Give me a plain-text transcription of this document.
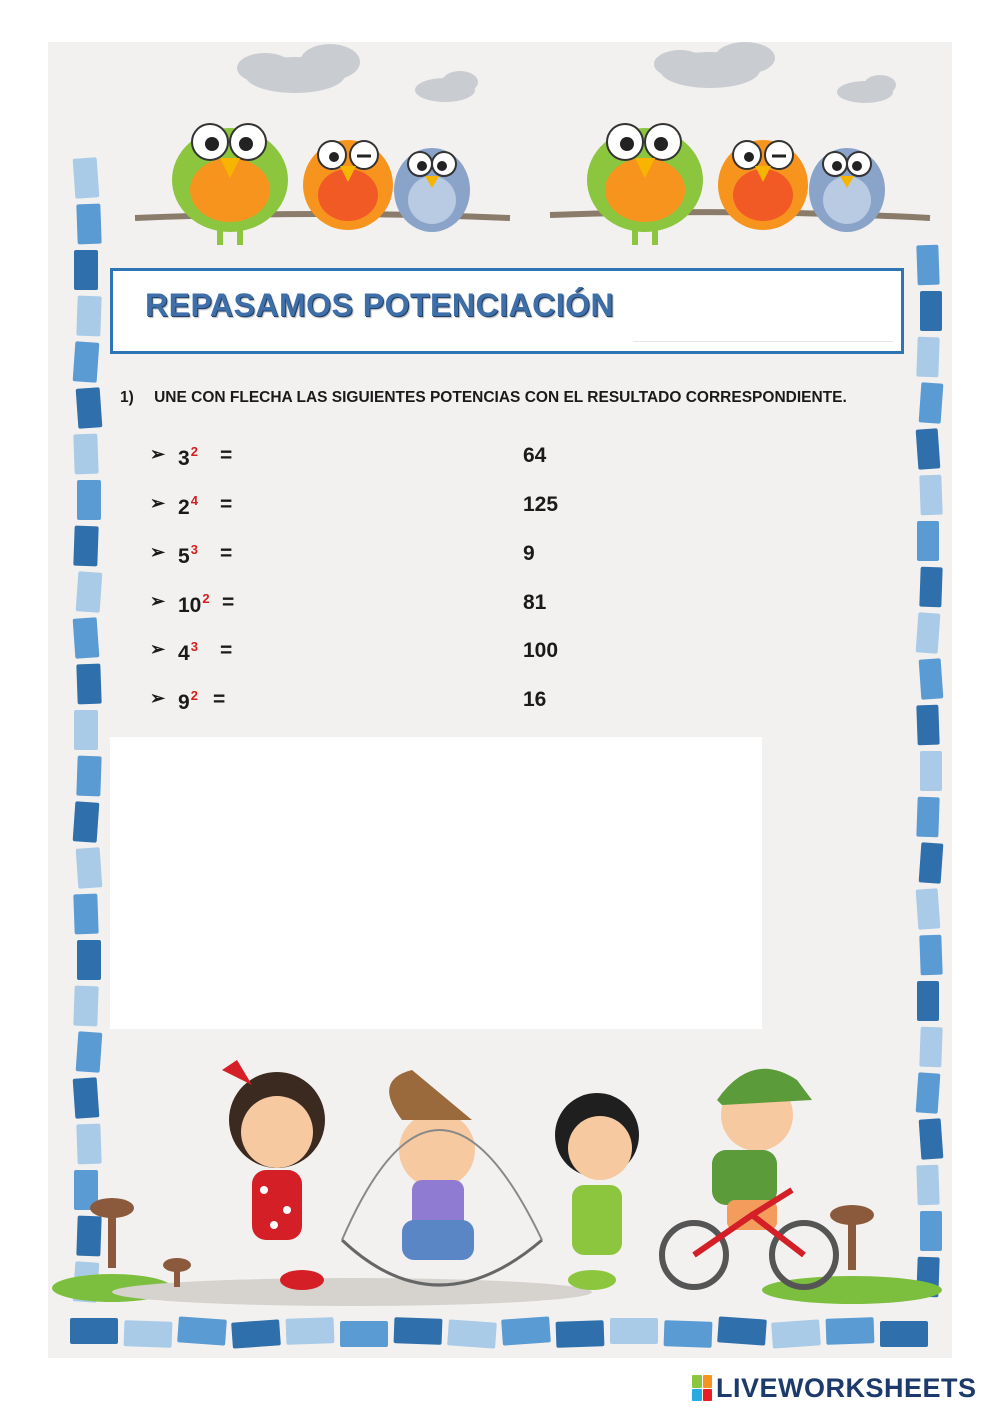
REPASAMOS POTENCIACIÓN
1) UNE CON FLECHA LAS SIGUIENTES POTENCIAS CON EL RESULTADO CORRESPONDIENTE.
➢ $3^2$ =	64
➢ $2^4$ =	125
➢ $5^3$ =	9
➢ $10^2$ =	81
➢ $4^3$ =	100
➢ $9^2$ =	16
LIVEWORKSHEETS
